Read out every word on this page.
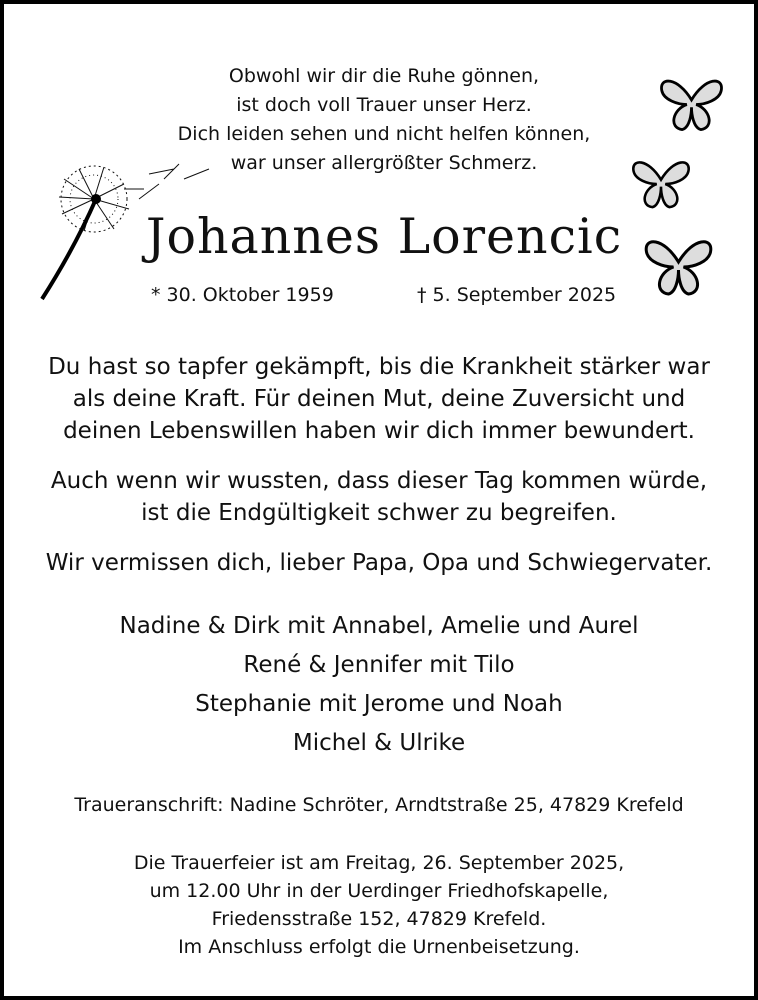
Obwohl wir dir die Ruhe gönnen,
ist doch voll Trauer unser Herz.
Dich leiden sehen und nicht helfen können,
war unser allergrößter Schmerz.
Johannes Lorencic
* 30. Oktober 1959	† 5. September 2025
Du hast so tapfer gekämpft, bis die Krankheit stärker war
als deine Kraft. Für deinen Mut, deine Zuversicht und
deinen Lebenswillen haben wir dich immer bewundert.
Auch wenn wir wussten, dass dieser Tag kommen würde,
ist die Endgültigkeit schwer zu begreifen.
Wir vermissen dich, lieber Papa, Opa und Schwiegervater.
Nadine & Dirk mit Annabel, Amelie und Aurel
René & Jennifer mit Tilo
Stephanie mit Jerome und Noah
Michel & Ulrike
Traueranschrift: Nadine Schröter, Arndtstraße 25, 47829 Krefeld
Die Trauerfeier ist am Freitag, 26. September 2025,
um 12.00 Uhr in der Uerdinger Friedhofskapelle,
Friedensstraße 152, 47829 Krefeld.
Im Anschluss erfolgt die Urnenbeisetzung.
